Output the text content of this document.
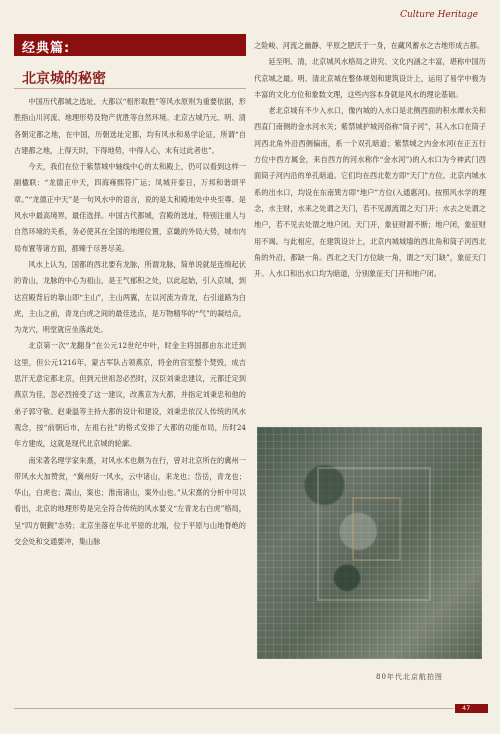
Culture Heritage
经典篇:
北京城的秘密

中国历代都城之选址，大都以“相形取胜”等风水原则为重要依据，形胜指山川河流、地理形势及物产优胜等自然环境。北京古城乃元、明、清各朝定都之地，在中国，历朝选址定都，均有风水和易学论证，所谓“自古建都之地，上得天时，下得地势，中得人心，未有过此者也”。

今天，我们在位于紫禁城中轴线中心的太和殿上，仍可以看到这样一副楹联：“龙德正中天，四海雍熙符广运；凤城开泰日，万邦和谐颂平章。”“龙德正中天”是一句风水中的语言，说的是太和殿地处中央至尊、是风水中最高境界，最佳选择。中国古代都城，宫殿的选址，特别注重人与自然环境的关系，务必使其在全国的地理位置，京畿的外局大势，城市内局布置等诸方面，都臻于尽善尽美。

风水上认为，国都的西北要有龙脉，所谓龙脉，简单说就是连绵起伏的青山，龙脉的中心为祖山，是王气郁积之处，以此起始，引入京城，到达宫殿背后的靠山即“主山”，主山两翼，左以河流为青龙，右引道路为白虎，主山之前，青龙白虎之间的最佳选点，是万物精华的“气”的凝结点，为龙穴，明堂就应坐落此处。

北京第一次“龙翻身”在公元12世纪中叶，时金主将国都由东北迁到这里，但公元1216年，蒙古军队占领燕京，将金的宫室整个焚毁，成吉思汗无意定都北京，但到元世祖忽必烈时，汉臣刘秉忠建议，元都迁定到燕京为佳，忽必烈接受了这一建议，改燕京为大都，并指定刘秉忠和他的弟子郭守敬、赵秉温等主持大都的设计和建设，刘秉忠依汉人传统的风水观念，按“前朝后市，左祖右社”的格式安排了大都的功能布局，历时24年方建成，这就是现代北京城的轮廓。

南宋著名理学家朱熹，对风水术也颇为在行，曾对北京所在的冀州一带风水大加赞赏，“冀州好一风水，云中诸山，来龙也；岱岳，青龙也；华山，白虎也；嵩山，案也；淮南诸山，案外山也。”从宋熹的分析中可以看出，北京的地理形势是完全符合传统的风水要义“左青龙右白虎”格局，呈“四方朝觐”态势；北京坐落在华北平原的北端，位于平原与山地脊绝的交会处和交通要冲，集山脉

之险峻、河流之幽静、平原之肥沃于一身，在藏风蓄水之吉地形成古都。

延至明、清，北京城风水格局之讲究、文化内涵之丰富，堪称中国历代京城之最。明、清北京城在整体规划和建筑设计上，运用了易学中极为丰富的文化方位和象数文理，这些内容本身就是风水的理论基础。

老北京城有不少入水口，像内城的入水口是北侧西面的积水潭水关和西直门南侧的金水河水关；紫禁城护城河俗称“筒子河”，其入水口在筒子河西北角外沿西侧偏南，系一个双孔暗道；紫禁城之内金水河(在正五行方位中西方属金，来自西方的河水称作“金水河”)的入水口为今神武门西面筒子河内沿的单孔暗道。它们均在西北乾方即“天门”方位。北京内城水系的出水口，均设在东南巽方即“地户”方位(入通惠河)。按照风水学的理念，水主财，水来之处谓之天门，若不见源流谓之天门开；水去之处谓之地户，若不见去处谓之地户闭。天门开，象征财源不断；地户闭，象征财用不竭。与此相应，在建筑设计上，北京内城城墙的西北角和筒子河西北角的外沿，都缺一角。西北之天门方位缺一角，谓之“天门缺”，象征天门开。入水口和出水口均为暗道，分别象征天门开和地户闭。

80年代北京航拍图
47
